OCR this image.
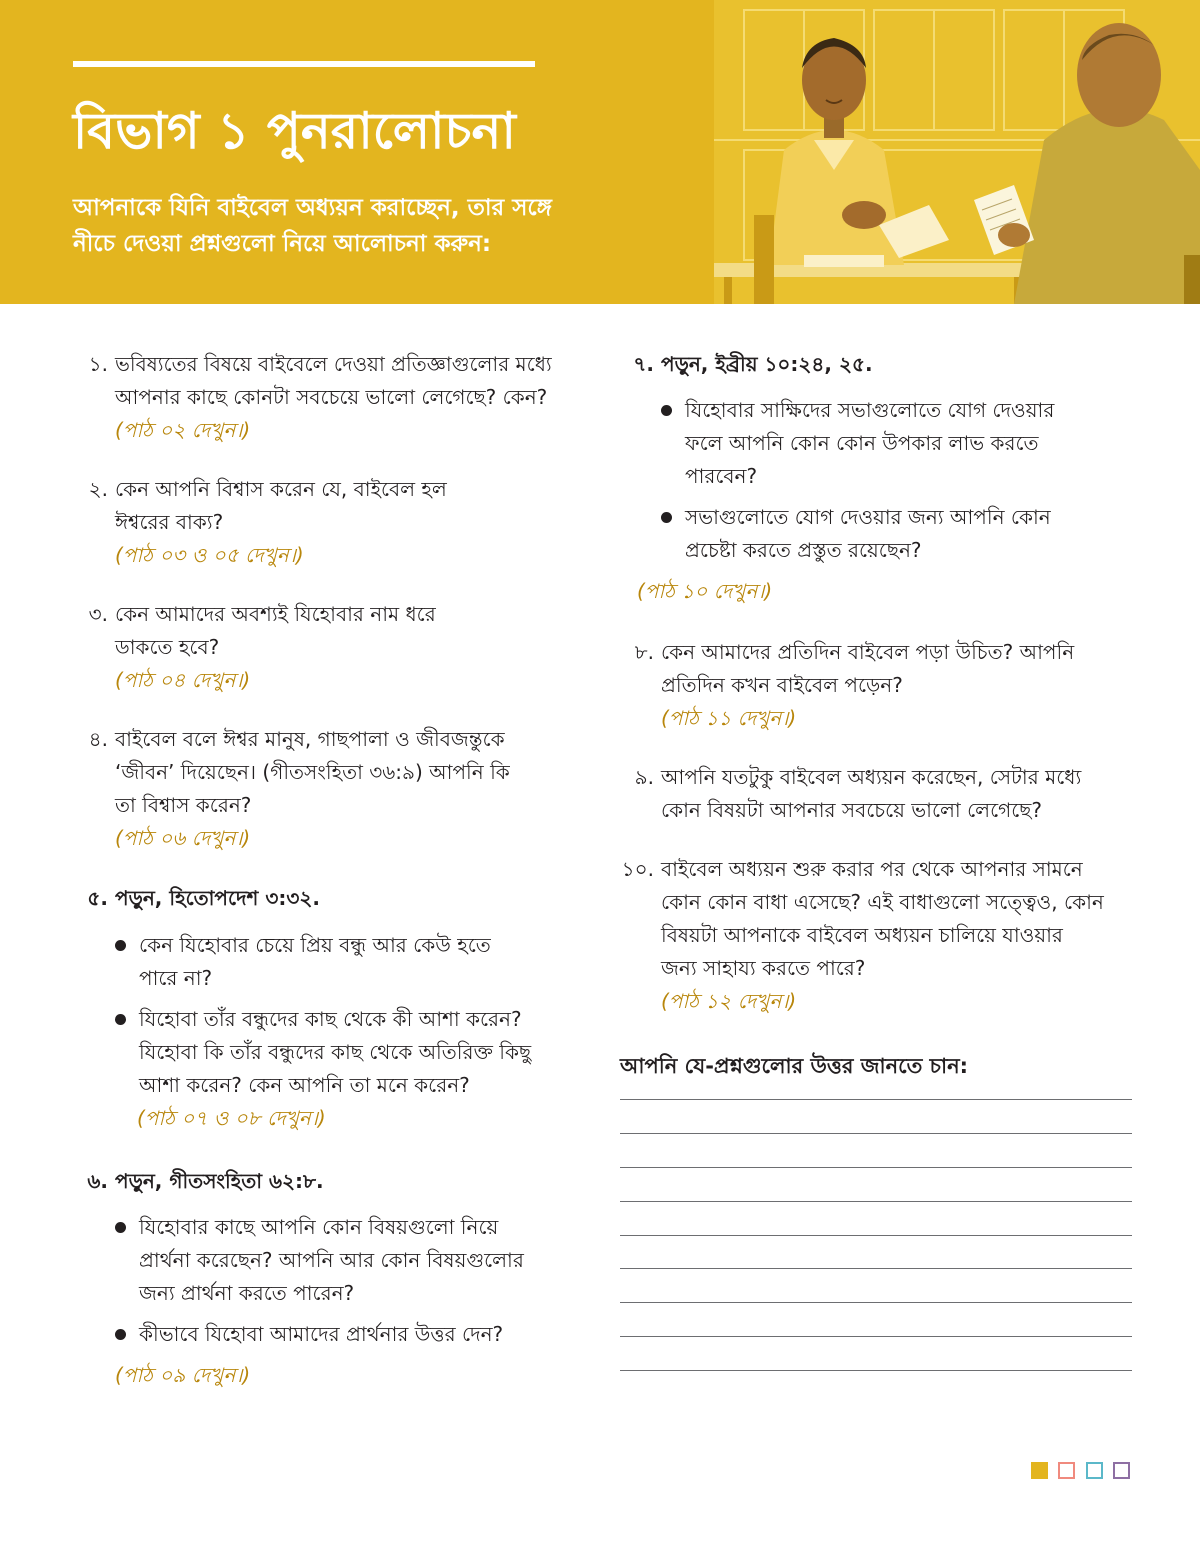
বিভাগ ১ পুনরালোচনা

আপনাকে যিনি বাইবেল অধ্যয়ন করাচ্ছেন, তার সঙ্গে
নীচে দেওয়া প্রশ্নগুলো নিয়ে আলোচনা করুন:

১. ভবিষ্যতের বিষয়ে বাইবেলে দেওয়া প্রতিজ্ঞাগুলোর মধ্যে
আপনার কাছে কোনটা সবচেয়ে ভালো লেগেছে? কেন?

(পাঠ ০২ দেখুন।)

২. কেন আপনি বিশ্বাস করেন যে, বাইবেল হল
ঈশ্বরের বাক্য?

(পাঠ ০৩ ও ০৫ দেখুন।)

৩. কেন আমাদের অবশ্যই যিহোবার নাম ধরে
ডাকতে হবে?

(পাঠ ০৪ দেখুন।)

৪. বাইবেল বলে ঈশ্বর মানুষ, গাছপালা ও জীবজন্তুকে
‘জীবন’ দিয়েছেন। (গীতসংহিতা ৩৬:৯) আপনি কি
তা বিশ্বাস করেন?

(পাঠ ০৬ দেখুন।)

৫. পড়ুন, হিতোপদেশ ৩:৩২.

কেন যিহোবার চেয়ে প্রিয় বন্ধু আর কেউ হতে
পারে না?

যিহোবা তাঁর বন্ধুদের কাছ থেকে কী আশা করেন?
যিহোবা কি তাঁর বন্ধুদের কাছ থেকে অতিরিক্ত কিছু
আশা করেন? কেন আপনি তা মনে করেন?

(পাঠ ০৭ ও ০৮ দেখুন।)

৬. পড়ুন, গীতসংহিতা ৬২:৮.

যিহোবার কাছে আপনি কোন বিষয়গুলো নিয়ে
প্রার্থনা করেছেন? আপনি আর কোন বিষয়গুলোর
জন্য প্রার্থনা করতে পারেন?

কীভাবে যিহোবা আমাদের প্রার্থনার উত্তর দেন?

(পাঠ ০৯ দেখুন।)

৭. পড়ুন, ইব্রীয় ১০:২৪, ২৫.

যিহোবার সাক্ষিদের সভাগুলোতে যোগ দেওয়ার
ফলে আপনি কোন কোন উপকার লাভ করতে
পারবেন?

সভাগুলোতে যোগ দেওয়ার জন্য আপনি কোন
প্রচেষ্টা করতে প্রস্তুত রয়েছেন?

(পাঠ ১০ দেখুন।)

৮. কেন আমাদের প্রতিদিন বাইবেল পড়া উচিত? আপনি
প্রতিদিন কখন বাইবেল পড়েন?

(পাঠ ১১ দেখুন।)

৯. আপনি যতটুকু বাইবেল অধ্যয়ন করেছেন, সেটার মধ্যে
কোন বিষয়টা আপনার সবচেয়ে ভালো লেগেছে?

১০. বাইবেল অধ্যয়ন শুরু করার পর থেকে আপনার সামনে
কোন কোন বাধা এসেছে? এই বাধাগুলো সত্ত্বেও, কোন
বিষয়টা আপনাকে বাইবেল অধ্যয়ন চালিয়ে যাওয়ার
জন্য সাহায্য করতে পারে?

(পাঠ ১২ দেখুন।)

আপনি যে-প্রশ্নগুলোর উত্তর জানতে চান:
